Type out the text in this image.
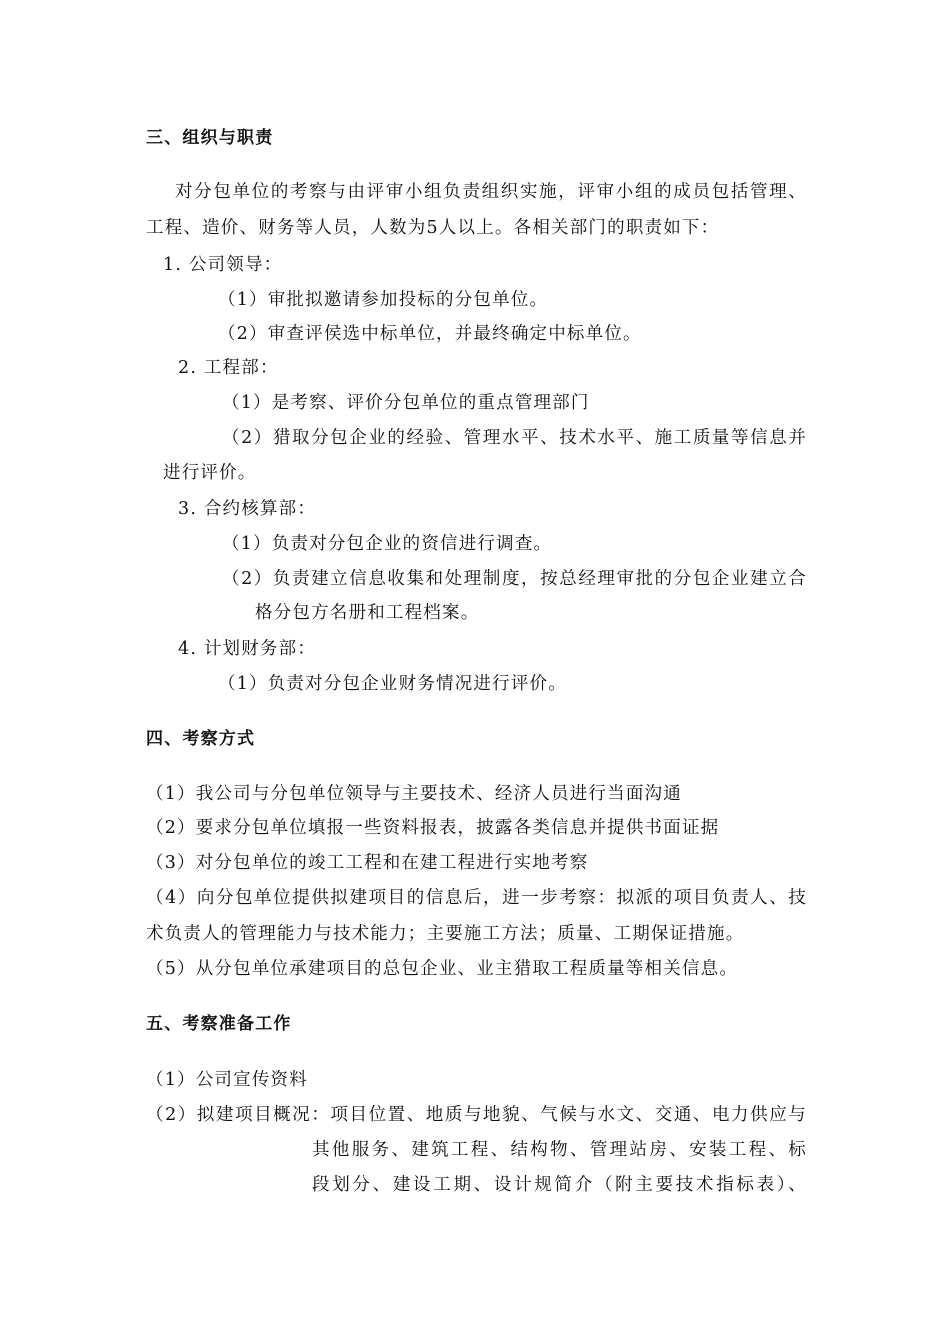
三、组织与职责
对分包单位的考察与由评审小组负责组织实施，评审小组的成员包括管理、
工程、造价、财务等人员，人数为5人以上。各相关部门的职责如下：
1. 公司领导：
（1）审批拟邀请参加投标的分包单位。
（2）审查评侯选中标单位，并最终确定中标单位。
2. 工程部：
（1）是考察、评价分包单位的重点管理部门
（2）猎取分包企业的经验、管理水平、技术水平、施工质量等信息并
进行评价。
3. 合约核算部：
（1）负责对分包企业的资信进行调查。
（2）负责建立信息收集和处理制度，按总经理审批的分包企业建立合
格分包方名册和工程档案。
4. 计划财务部：
（1）负责对分包企业财务情况进行评价。
四、考察方式
（1）我公司与分包单位领导与主要技术、经济人员进行当面沟通
（2）要求分包单位填报一些资料报表，披露各类信息并提供书面证据
（3）对分包单位的竣工工程和在建工程进行实地考察
（4）向分包单位提供拟建项目的信息后，进一步考察：拟派的项目负责人、技
术负责人的管理能力与技术能力；主要施工方法；质量、工期保证措施。
（5）从分包单位承建项目的总包企业、业主猎取工程质量等相关信息。
五、考察准备工作
（1）公司宣传资料
（2）拟建项目概况：项目位置、地质与地貌、气候与水文、交通、电力供应与
其他服务、建筑工程、结构物、管理站房、安装工程、标
段划分、建设工期、设计规简介（附主要技术指标表）、
